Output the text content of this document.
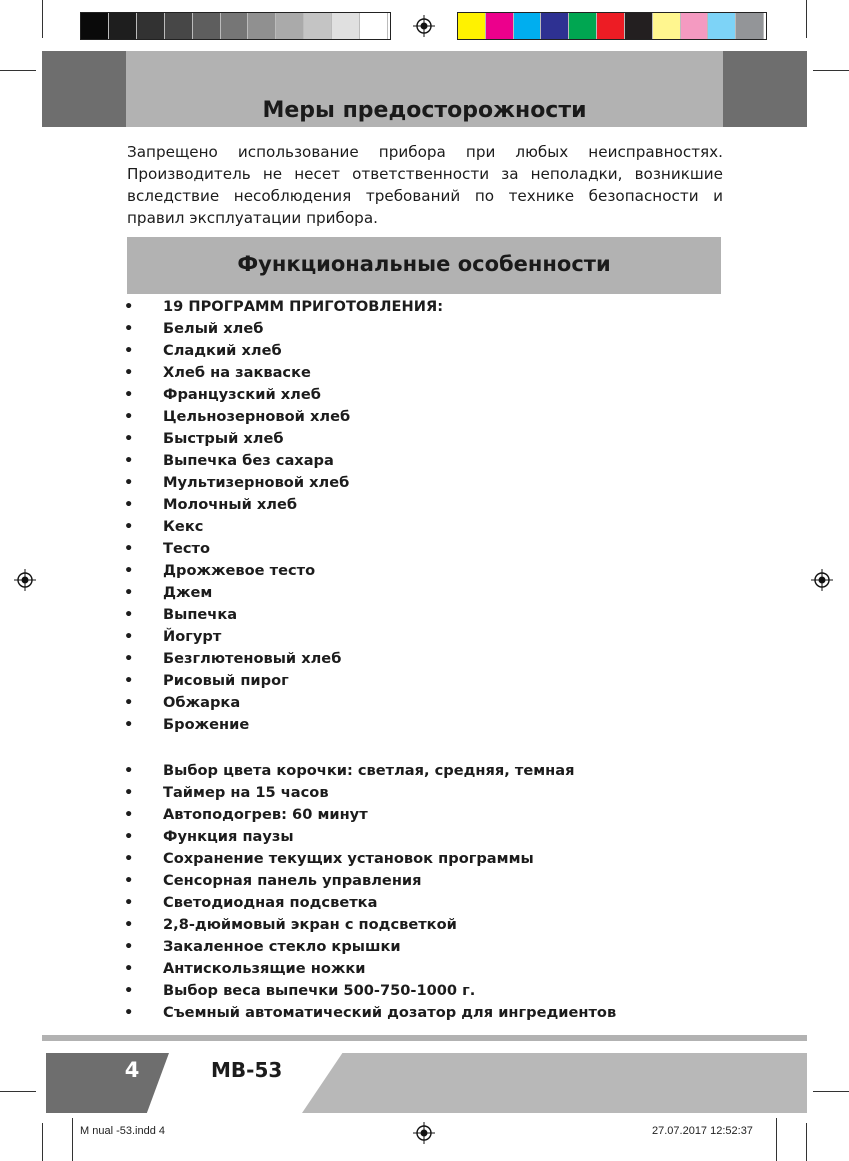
Меры предосторожности
Запрещено использование прибора при любых неисправностях. Производитель не несет ответственности за неполадки, возникшие вследствие несоблюдения требований по технике безопасности и правил эксплуатации прибора.
Функциональные особенности
• 19 ПРОГРАММ ПРИГОТОВЛЕНИЯ:
• Белый хлеб
• Сладкий хлеб
• Хлеб на закваске
• Французский хлеб
• Цельнозерновой хлеб
• Быстрый хлеб
• Выпечка без сахара
• Мультизерновой хлеб
• Молочный хлеб
• Кекс
• Тесто
• Дрожжевое тесто
• Джем
• Выпечка
• Йогурт
• Безглютеновый хлеб
• Рисовый пирог
• Обжарка
• Брожение
• Выбор цвета корочки: светлая, средняя, темная
• Таймер на 15 часов
• Автоподогрев: 60 минут
• Функция паузы
• Сохранение текущих установок программы
• Сенсорная панель управления
• Светодиодная подсветка
• 2,8-дюймовый экран с подсветкой
• Закаленное стекло крышки
• Антискользящие ножки
• Выбор веса выпечки 500-750-1000 г.
• Съемный автоматический дозатор для ингредиентов
4	MB-53
M nual -53.indd 4	27.07.2017 12:52:37
